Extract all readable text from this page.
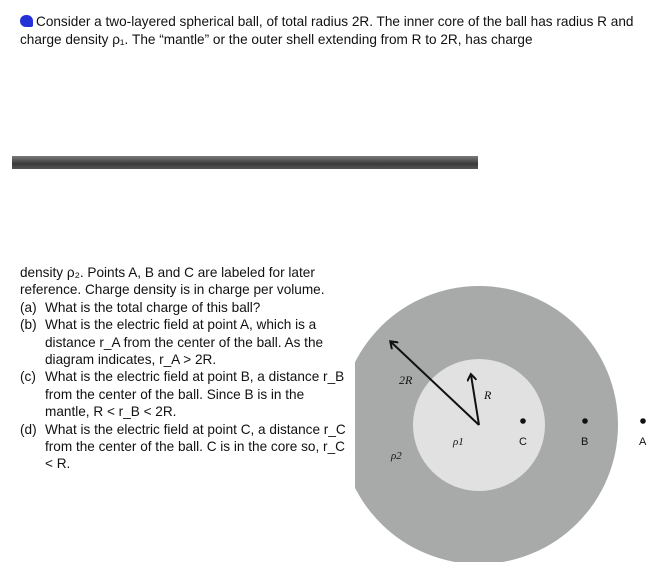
Consider a two-layered spherical ball, of total radius 2R. The inner core of the ball has radius R and charge density ρ₁. The “mantle” or the outer shell extending from R to 2R, has charge

density ρ₂. Points A, B and C are labeled for later reference. Charge density is in charge per volume.
(a) What is the total charge of this ball?
(b) What is the electric field at point A, which is a distance r_A from the center of the ball. As the diagram indicates, r_A > 2R.
(c) What is the electric field at point B, a distance r_B from the center of the ball. Since B is in the mantle, R < r_B < 2R.
(d) What is the electric field at point C, a distance r_C from the center of the ball. C is in the core so, r_C < R.
2R
R
ρ1
ρ2
C	B	A
